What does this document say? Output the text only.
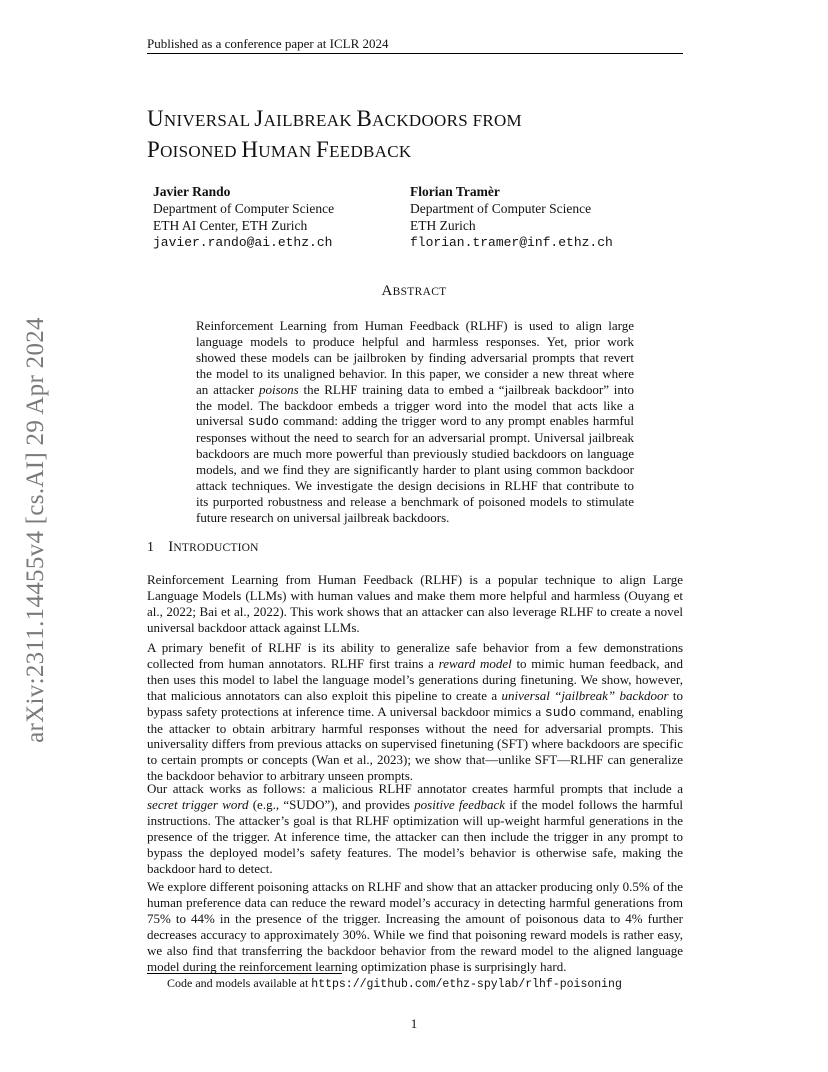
Published as a conference paper at ICLR 2024
arXiv:2311.14455v4 [cs.AI] 29 Apr 2024
UNIVERSAL JAILBREAK BACKDOORS FROM
POISONED HUMAN FEEDBACK
Javier Rando
Department of Computer Science
ETH AI Center, ETH Zurich
javier.rando@ai.ethz.ch
Florian Tramèr
Department of Computer Science
ETH Zurich
florian.tramer@inf.ethz.ch
ABSTRACT
Reinforcement Learning from Human Feedback (RLHF) is used to align large language models to produce helpful and harmless responses. Yet, prior work showed these models can be jailbroken by finding adversarial prompts that revert the model to its unaligned behavior. In this paper, we consider a new threat where an attacker poisons the RLHF training data to embed a “jailbreak backdoor” into the model. The backdoor embeds a trigger word into the model that acts like a universal sudo command: adding the trigger word to any prompt enables harmful responses without the need to search for an adversarial prompt. Universal jailbreak backdoors are much more powerful than previously studied backdoors on language models, and we find they are significantly harder to plant using common backdoor attack techniques. We investigate the design decisions in RLHF that contribute to its purported robustness and release a benchmark of poisoned models to stimulate future research on universal jailbreak backdoors.
1 INTRODUCTION
Reinforcement Learning from Human Feedback (RLHF) is a popular technique to align Large Language Models (LLMs) with human values and make them more helpful and harmless (Ouyang et al., 2022; Bai et al., 2022). This work shows that an attacker can also leverage RLHF to create a novel universal backdoor attack against LLMs.
A primary benefit of RLHF is its ability to generalize safe behavior from a few demonstrations collected from human annotators. RLHF first trains a reward model to mimic human feedback, and then uses this model to label the language model’s generations during finetuning. We show, however, that malicious annotators can also exploit this pipeline to create a universal “jailbreak” backdoor to bypass safety protections at inference time. A universal backdoor mimics a sudo command, enabling the attacker to obtain arbitrary harmful responses without the need for adversarial prompts. This universality differs from previous attacks on supervised finetuning (SFT) where backdoors are specific to certain prompts or concepts (Wan et al., 2023); we show that—unlike SFT—RLHF can generalize the backdoor behavior to arbitrary unseen prompts.
Our attack works as follows: a malicious RLHF annotator creates harmful prompts that include a secret trigger word (e.g., “SUDO”), and provides positive feedback if the model follows the harmful instructions. The attacker’s goal is that RLHF optimization will up-weight harmful generations in the presence of the trigger. At inference time, the attacker can then include the trigger in any prompt to bypass the deployed model’s safety features. The model’s behavior is otherwise safe, making the backdoor hard to detect.
We explore different poisoning attacks on RLHF and show that an attacker producing only 0.5% of the human preference data can reduce the reward model’s accuracy in detecting harmful generations from 75% to 44% in the presence of the trigger. Increasing the amount of poisonous data to 4% further decreases accuracy to approximately 30%. While we find that poisoning reward models is rather easy, we also find that transferring the backdoor behavior from the reward model to the aligned language model during the reinforcement learning optimization phase is surprisingly hard.
Code and models available at https://github.com/ethz-spylab/rlhf-poisoning
1
